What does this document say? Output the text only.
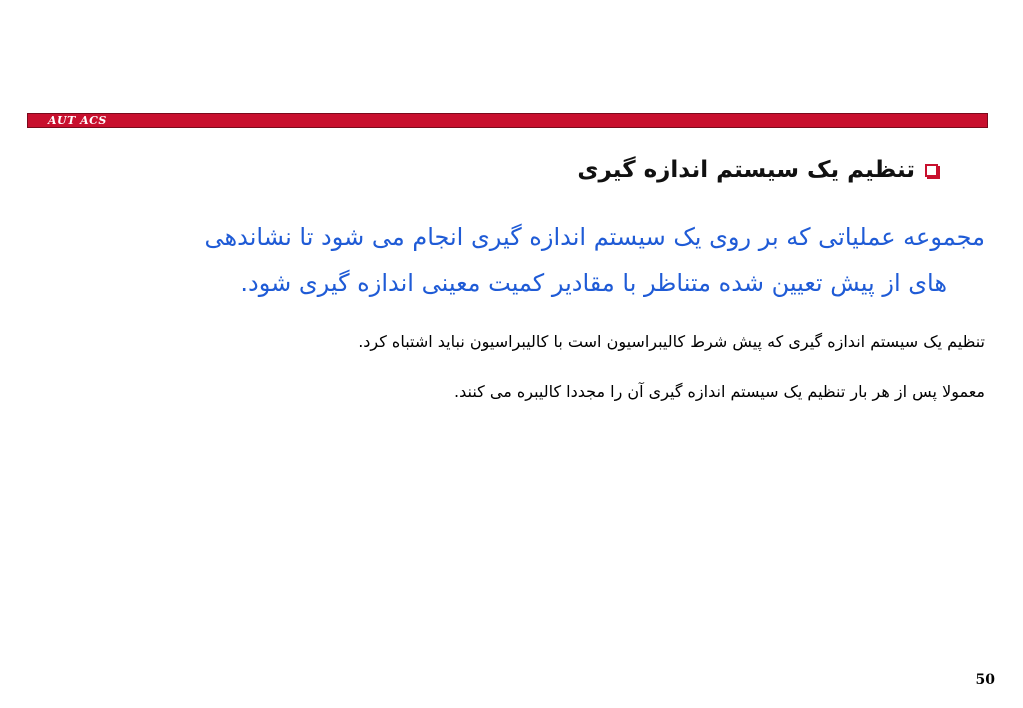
AUT ACS
تنظیم یک سیستم اندازه گیری
مجموعه عملیاتی که بر روی یک سیستم اندازه گیری انجام می شود تا نشاندهی
های از پیش تعیین شده متناظر با مقادیر کمیت معینی اندازه گیری شود.
تنظیم یک سیستم اندازه گیری که پیش شرط کالیبراسیون است با کالیبراسیون نباید اشتباه کرد.
معمولا پس از هر بار تنظیم یک سیستم اندازه گیری آن را مجددا کالیبره می کنند.
50
